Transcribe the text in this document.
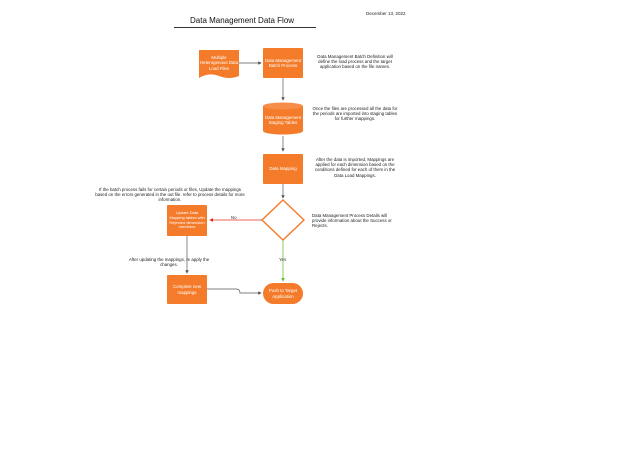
Data Management Data Flow
December 13, 2022
Multiple Heterogenous Data Load Files
Data Management Batch Process
Data Management Staging Tables
Data Mapping
Update Data Mapping tables with Rejected dimension members
Complete new mappings	Push to Target Application
No
Yes
Data Management Batch Definition will define the load process and the target application based on the file names.
Once the files are processed all the data for the periods are imported into staging tables for further mappings.
After the data is imported, Mappings are applied for each dimension based on the conditions defined for each of them in the Data Load Mappings.
Data Management Process Details will provide information about the Success or Rejects.
If the batch process fails for certain periods or files, Update the mappings based on the errors generated in the out file. refer to process details for more information.
After updating the mappings, re apply the changes.
